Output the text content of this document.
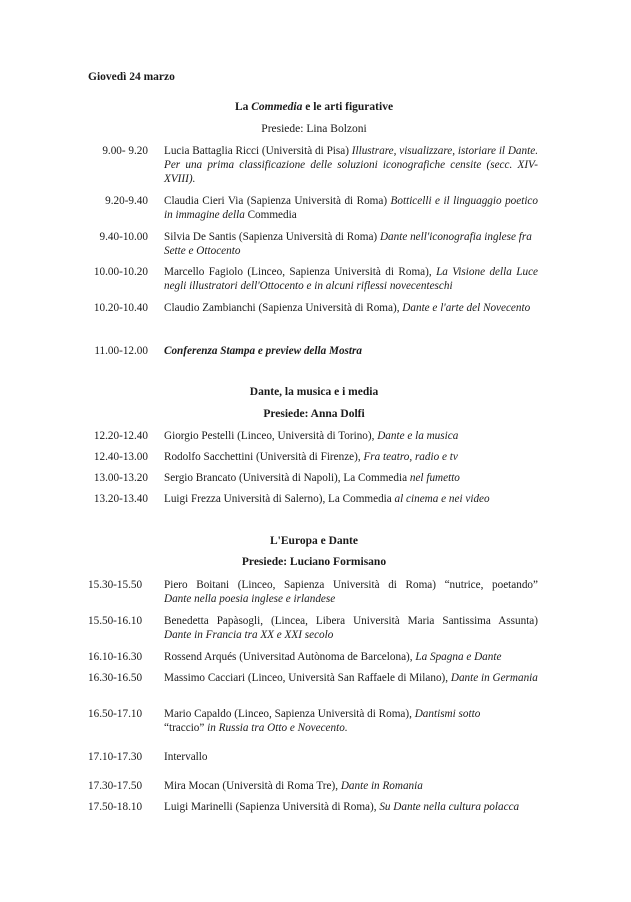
Giovedì 24 marzo
La Commedia e le arti figurative
Presiede: Lina Bolzoni
9.00- 9.20 Lucia Battaglia Ricci (Università di Pisa) Illustrare, visualizzare, istoriare il Dante. Per una prima classificazione delle soluzioni iconografiche censite (secc. XIV-XVIII).
9.20-9.40 Claudia Cieri Via (Sapienza Università di Roma) Botticelli e il linguaggio poetico in immagine della Commedia
9.40-10.00 Silvia De Santis (Sapienza Università di Roma) Dante nell'iconografia inglese fra Sette e Ottocento
10.00-10.20 Marcello Fagiolo (Linceo, Sapienza Università di Roma), La Visione della Luce negli illustratori dell'Ottocento e in alcuni riflessi novecenteschi
10.20-10.40 Claudio Zambianchi (Sapienza Università di Roma), Dante e l'arte del Novecento
11.00-12.00 Conferenza Stampa e preview della Mostra
Dante, la musica e i media
Presiede: Anna Dolfi
12.20-12.40 Giorgio Pestelli (Linceo, Università di Torino), Dante e la musica
12.40-13.00 Rodolfo Sacchettini (Università di Firenze), Fra teatro, radio e tv
13.00-13.20 Sergio Brancato (Università di Napoli), La Commedia nel fumetto
13.20-13.40 Luigi Frezza Università di Salerno), La Commedia al cinema e nei video
L'Europa e Dante
Presiede: Luciano Formisano
15.30-15.50	Piero Boitani (Linceo, Sapienza Università di Roma) “nutrice, poetando”
Dante nella poesia inglese e irlandese
15.50-16.10	Benedetta Papàsogli, (Lincea, Libera Università Maria Santissima Assunta)
Dante in Francia tra XX e XXI secolo
16.10-16.30	Rossend Arqués (Universitad Autònoma de Barcelona), La Spagna e Dante
16.30-16.50	Massimo Cacciari (Linceo, Università San Raffaele di Milano), Dante in Germania
16.50-17.10	Mario Capaldo (Linceo, Sapienza Università di Roma), Dantismi sotto
“traccio” in Russia tra Otto e Novecento.
17.10-17.30	Intervallo
17.30-17.50	Mira Mocan (Università di Roma Tre), Dante in Romania
17.50-18.10	Luigi Marinelli (Sapienza Università di Roma), Su Dante nella cultura polacca
